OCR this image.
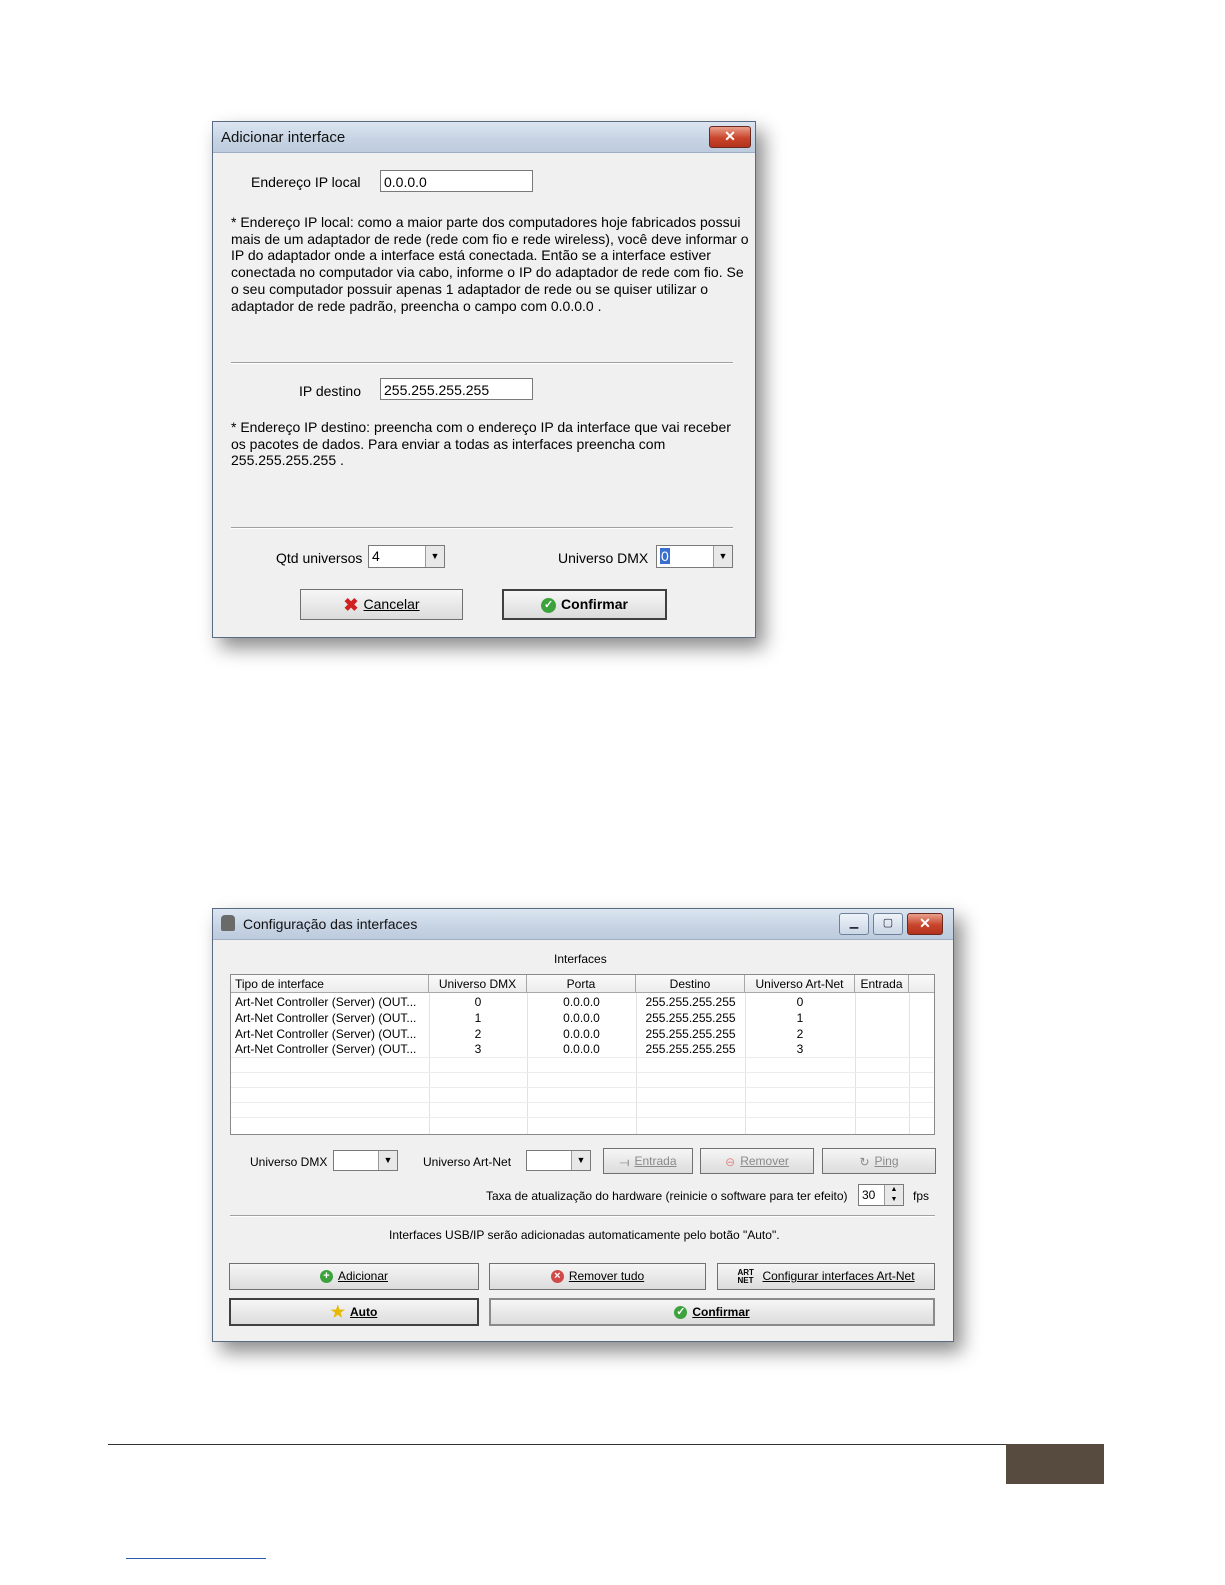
Adicionar interface	✕
Endereço IP local 0.0.0.0
* Endereço IP local: como a maior parte dos computadores hoje fabricados possui
mais de um adaptador de rede (rede com fio e rede wireless), você deve informar o
IP do adaptador onde a interface está conectada. Então se a interface estiver
conectada no computador via cabo, informe o IP do adaptador de rede com fio. Se
o seu computador possuir apenas 1 adaptador de rede ou se quiser utilizar o
adaptador de rede padrão, preencha o campo com 0.0.0.0 .
IP destino 255.255.255.255
* Endereço IP destino: preencha com o endereço IP da interface que vai receber
os pacotes de dados. Para enviar a todas as interfaces preencha com
255.255.255.255 .
Qtd universos 4	▼	Universo DMX 0	▼
✖ Cancelar	✓ Confirmar
Configuração das interfaces	▁	▢	✕
Interfaces
Tipo de interface	Universo DMX	Porta	Destino	Universo Art-Net	Entrada
Art-Net Controller (Server) (OUT...	0	0.0.0.0	255.255.255.255	0
Art-Net Controller (Server) (OUT...	1	0.0.0.0	255.255.255.255	1
Art-Net Controller (Server) (OUT...	2	0.0.0.0	255.255.255.255	2
Art-Net Controller (Server) (OUT...	3	0.0.0.0	255.255.255.255	3
Universo DMX	▼	Universo Art-Net	▼	⟞ Entrada	⊖ Remover	↻ Ping
Taxa de atualização do hardware (reinicie o software para ter efeito)	30	▲
▼	fps
Interfaces USB/IP serão adicionadas automaticamente pelo botão "Auto".
+ Adicionar	× Remover tudo	ART NET Configurar interfaces Art-Net
★ Auto	✓ Confirmar
